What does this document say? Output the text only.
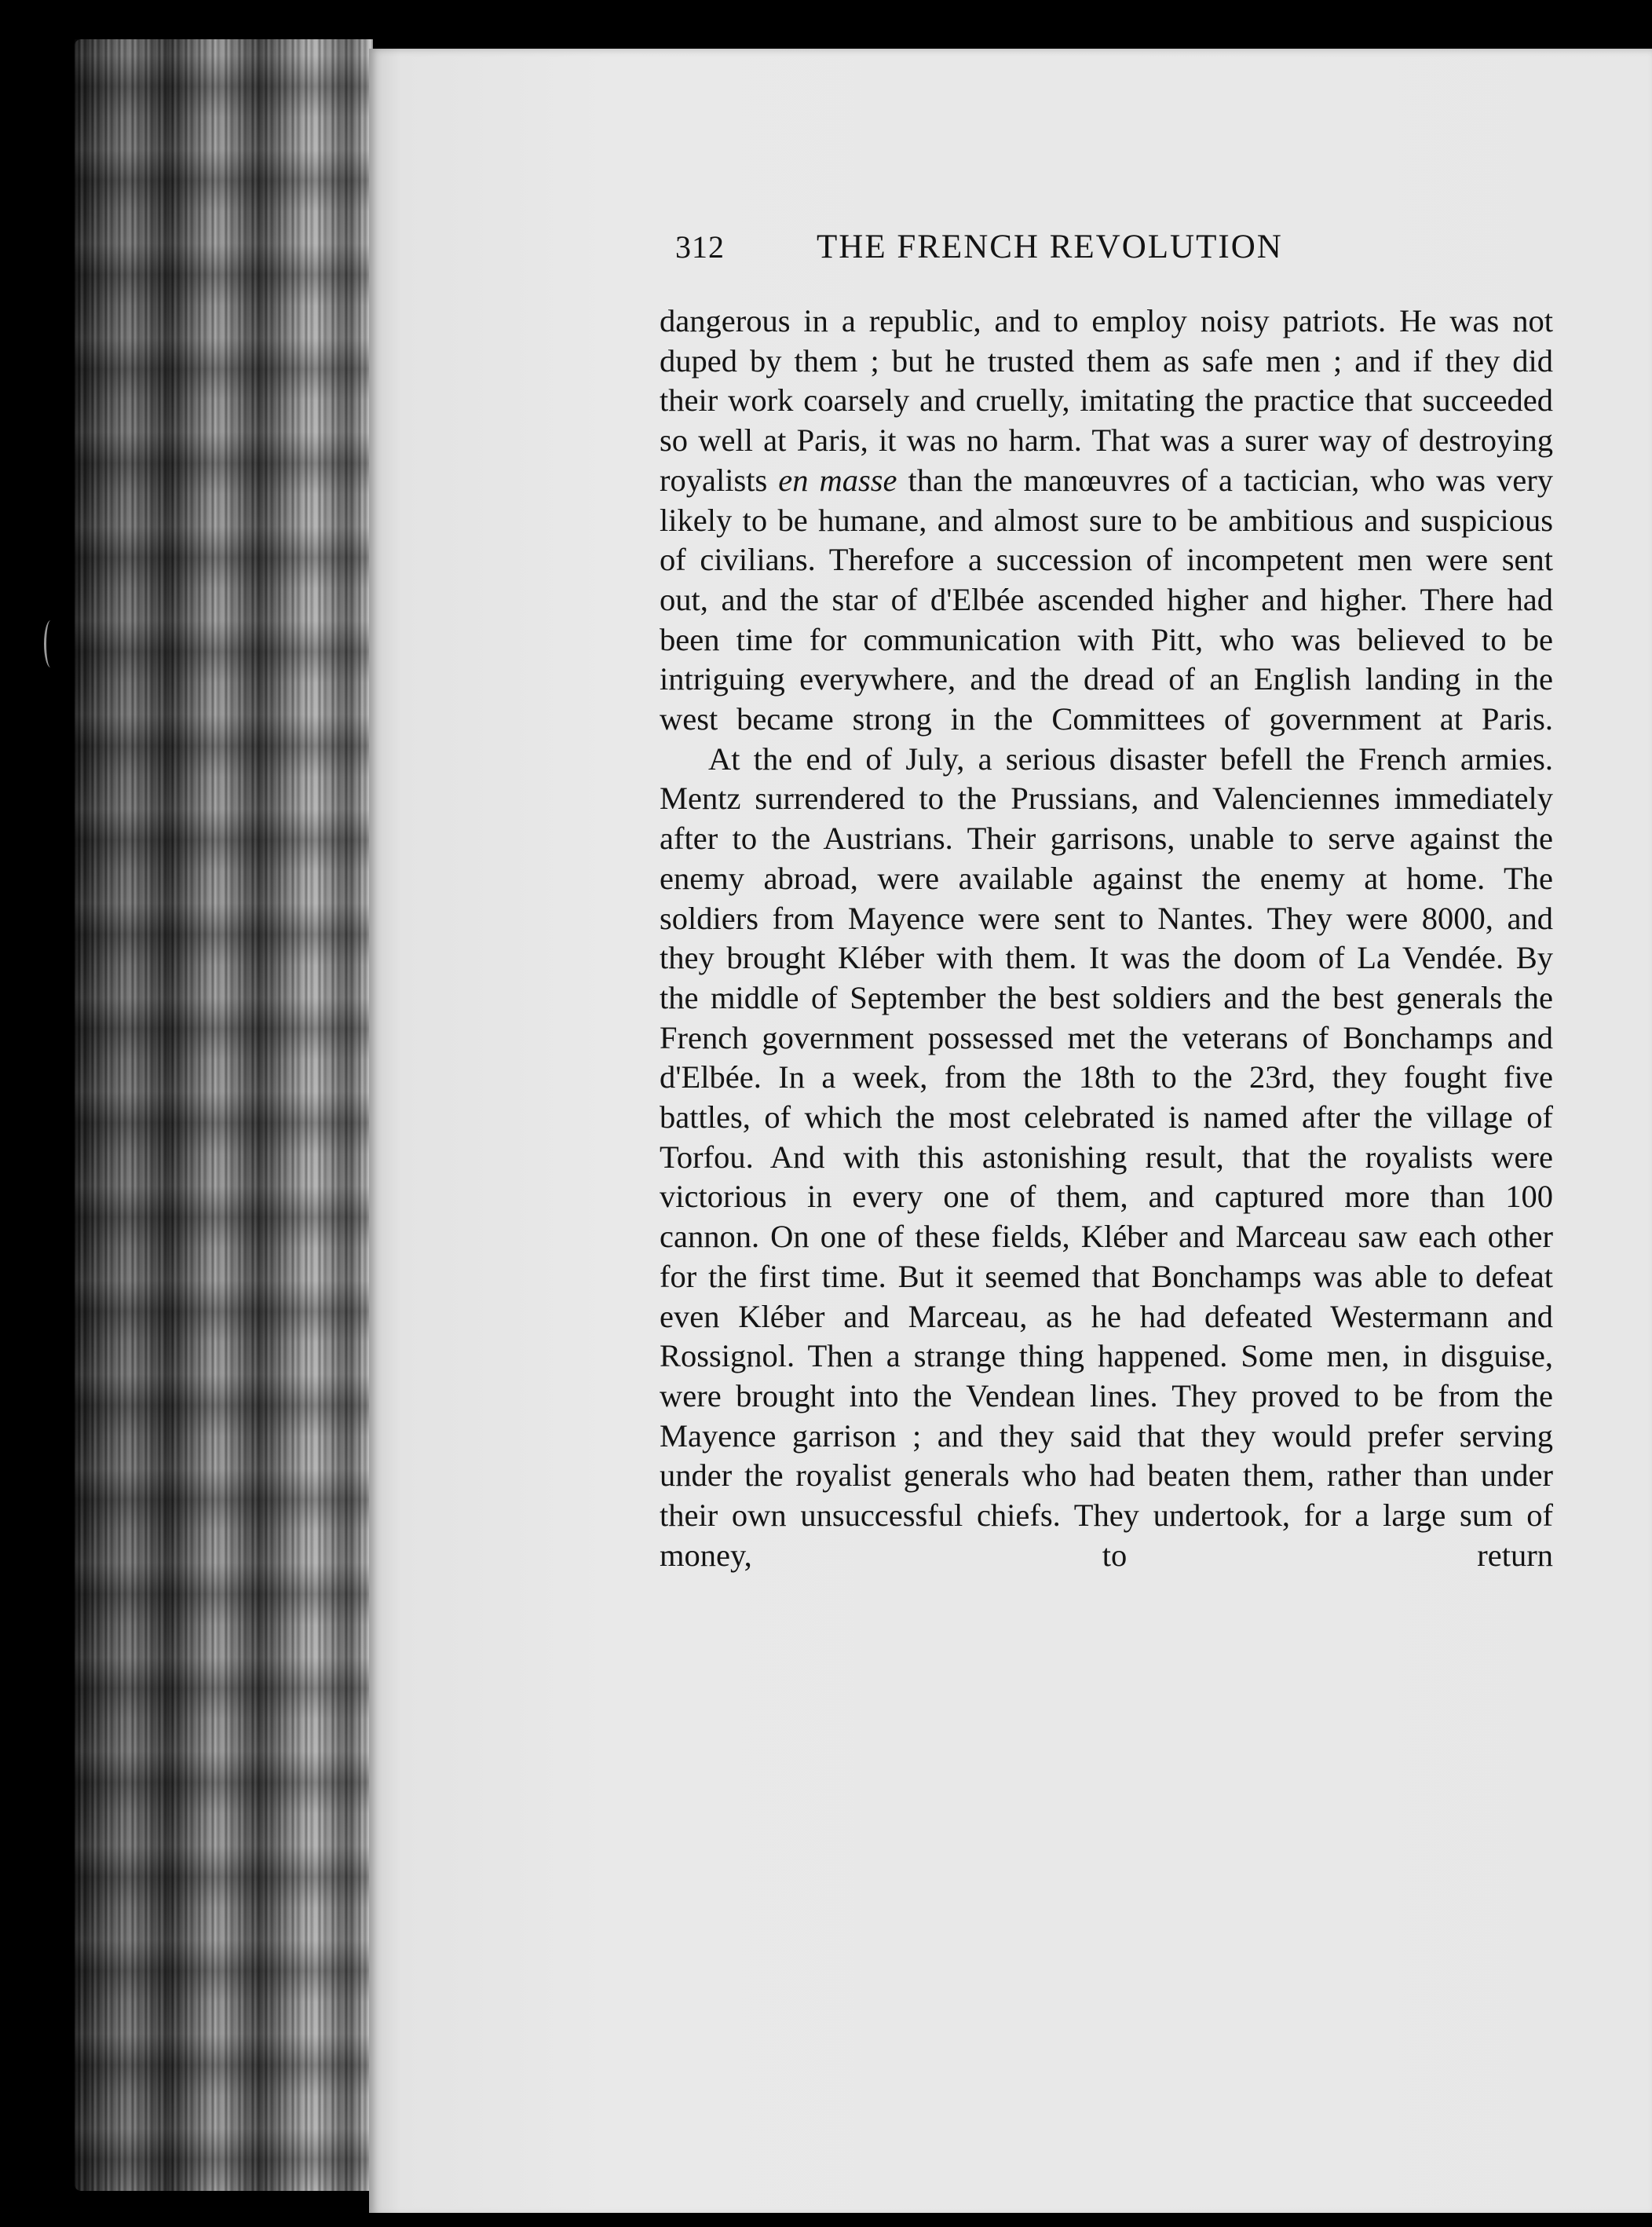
312	THE FRENCH REVOLUTION

dangerous in a republic, and to employ noisy patriots. He was not duped by them ; but he trusted them as safe men ; and if they did their work coarsely and cruelly, imitating the practice that succeeded so well at Paris, it was no harm. That was a surer way of destroying royalists en masse than the manœuvres of a tactician, who was very likely to be humane, and almost sure to be ambitious and suspicious of civilians. Therefore a succession of incompetent men were sent out, and the star of d'Elbée ascended higher and higher. There had been time for communication with Pitt, who was believed to be intriguing everywhere, and the dread of an English landing in the west became strong in the Committees of government at Paris.

At the end of July, a serious disaster befell the French armies. Mentz surrendered to the Prussians, and Valenciennes immediately after to the Austrians. Their garrisons, unable to serve against the enemy abroad, were available against the enemy at home. The soldiers from Mayence were sent to Nantes. They were 8000, and they brought Kléber with them. It was the doom of La Vendée. By the middle of September the best soldiers and the best generals the French government possessed met the veterans of Bonchamps and d'Elbée. In a week, from the 18th to the 23rd, they fought five battles, of which the most celebrated is named after the village of Torfou. And with this astonishing result, that the royalists were victorious in every one of them, and captured more than 100 cannon. On one of these fields, Kléber and Marceau saw each other for the first time. But it seemed that Bonchamps was able to defeat even Kléber and Marceau, as he had defeated Westermann and Rossignol. Then a strange thing happened. Some men, in disguise, were brought into the Vendean lines. They proved to be from the Mayence garrison ; and they said that they would prefer serving under the royalist generals who had beaten them, rather than under their own unsuccessful chiefs. They undertook, for a large sum of money, to return
